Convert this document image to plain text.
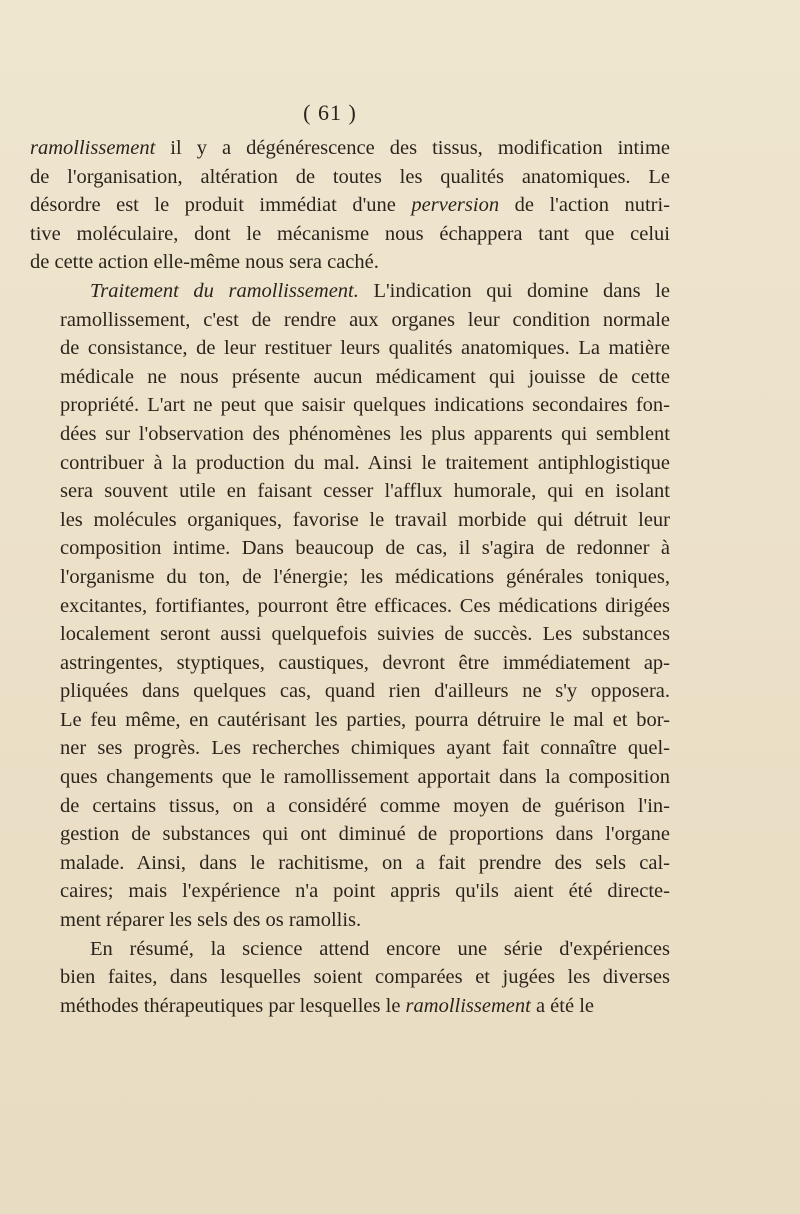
( 61 )

ramollissement il y a dégénérescence des tissus, modification intime
de l'organisation, altération de toutes les qualités anatomiques. Le
désordre est le produit immédiat d'une perversion de l'action nutri-
tive moléculaire, dont le mécanisme nous échappera tant que celui
de cette action elle-même nous sera caché.

Traitement du ramollissement. L'indication qui domine dans le
ramollissement, c'est de rendre aux organes leur condition normale
de consistance, de leur restituer leurs qualités anatomiques. La matière
médicale ne nous présente aucun médicament qui jouisse de cette
propriété. L'art ne peut que saisir quelques indications secondaires fon-
dées sur l'observation des phénomènes les plus apparents qui semblent
contribuer à la production du mal. Ainsi le traitement antiphlogistique
sera souvent utile en faisant cesser l'afflux humorale, qui en isolant
les molécules organiques, favorise le travail morbide qui détruit leur
composition intime. Dans beaucoup de cas, il s'agira de redonner à
l'organisme du ton, de l'énergie; les médications générales toniques,
excitantes, fortifiantes, pourront être efficaces. Ces médications dirigées
localement seront aussi quelquefois suivies de succès. Les substances
astringentes, styptiques, caustiques, devront être immédiatement ap-
pliquées dans quelques cas, quand rien d'ailleurs ne s'y opposera.
Le feu même, en cautérisant les parties, pourra détruire le mal et bor-
ner ses progrès. Les recherches chimiques ayant fait connaître quel-
ques changements que le ramollissement apportait dans la composition
de certains tissus, on a considéré comme moyen de guérison l'in-
gestion de substances qui ont diminué de proportions dans l'organe
malade. Ainsi, dans le rachitisme, on a fait prendre des sels cal-
caires; mais l'expérience n'a point appris qu'ils aient été directe-
ment réparer les sels des os ramollis.

En résumé, la science attend encore une série d'expériences
bien faites, dans lesquelles soient comparées et jugées les diverses
méthodes thérapeutiques par lesquelles le ramollissement a été le
